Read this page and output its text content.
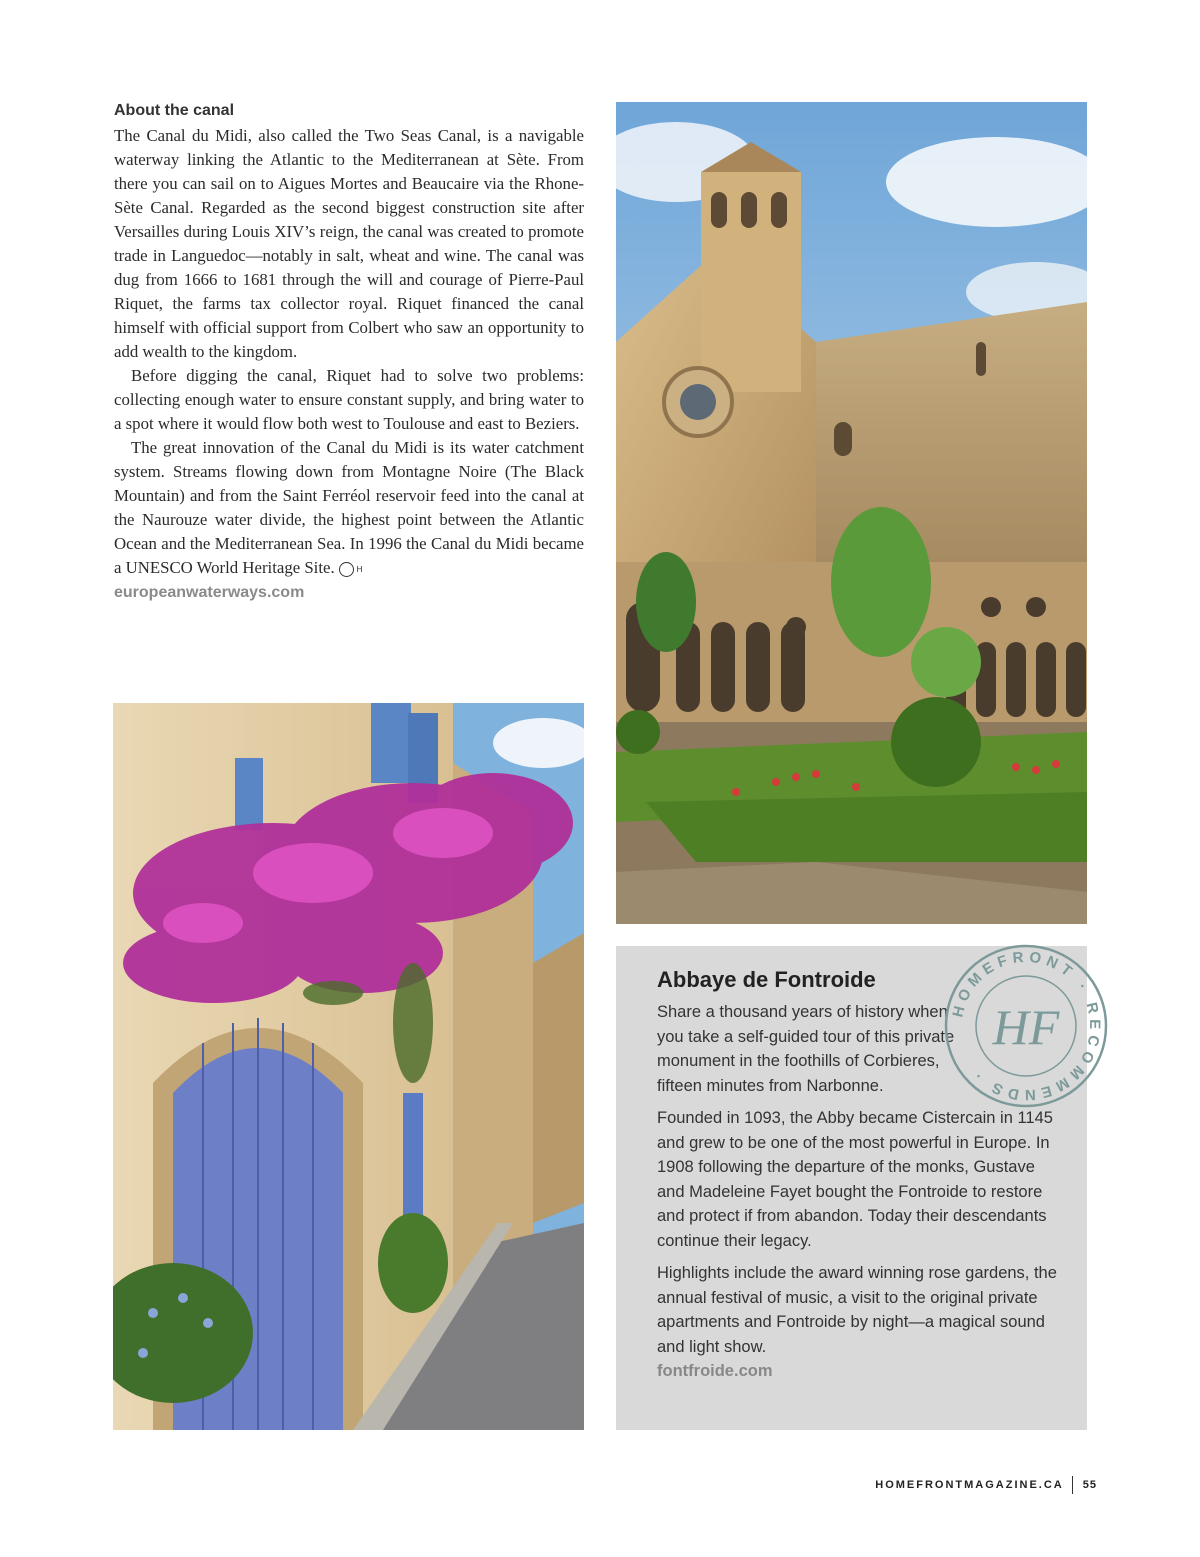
About the canal

The Canal du Midi, also called the Two Seas Canal, is a navigable waterway linking the Atlantic to the Mediterranean at Sète. From there you can sail on to Aigues Mortes and Beaucaire via the Rhone-Sète Canal. Regarded as the second biggest construction site after Versailles during Louis XIV’s reign, the canal was created to promote trade in Languedoc—notably in salt, wheat and wine. The canal was dug from 1666 to 1681 through the will and courage of Pierre-Paul Riquet, the farms tax collector royal. Riquet financed the canal himself with official support from Colbert who saw an opportunity to add wealth to the kingdom.

Before digging the canal, Riquet had to solve two problems: collecting enough water to ensure constant supply, and bring water to a spot where it would flow both west to Toulouse and east to Beziers.

The great innovation of the Canal du Midi is its water catchment system. Streams flowing down from Montagne Noire (The Black Mountain) and from the Saint Ferréol reservoir feed into the canal at the Naurouze water divide, the highest point between the Atlantic Ocean and the Mediterranean Sea. In 1996 the Canal du Midi became a UNESCO World Heritage Site.	H

europeanwaterways.com
Abbaye de Fontroide

Share a thousand years of history when you take a self-guided tour of this private monument in the foothills of Corbieres, fifteen minutes from Narbonne.

Founded in 1093, the Abby became Cistercain in 1145 and grew to be one of the most powerful in Europe. In 1908 following the departure of the monks, Gustave and Madeleine Fayet bought the Fontroide to restore and protect if from abandon. Today their descendants continue their legacy.

Highlights include the award winning rose gardens, the annual festival of music, a visit to the original private apartments and Fontroide by night—a magical sound and light show.

fontfroide.com
HOMEFRONT · RECOMMENDS ·
HF
HOMEFRONTMAGAZINE.CA 55
